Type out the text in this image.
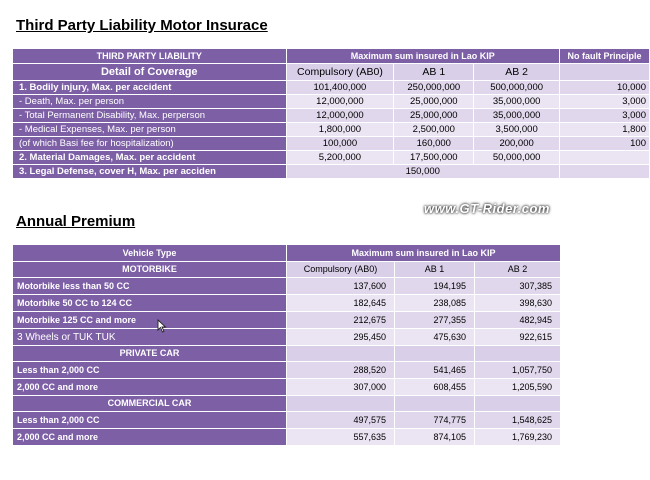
Third Party Liability Motor Insurace
THIRD PARTY LIABILITY	Maximum sum insured in Lao KIP			No fault Principle
Detail of Coverage	Compulsory (AB0)	AB 1	AB 2	
1. Bodily injury, Max. per accident	101,400,000	250,000,000	500,000,000	10,000
- Death, Max. per person	12,000,000	25,000,000	35,000,000	3,000
- Total Permanent Disability, Max. perperson	12,000,000	25,000,000	35,000,000	3,000
- Medical Expenses, Max. per person	1,800,000	2,500,000	3,500,000	1,800
(of which Basi fee for hospitalization)	100,000	160,000	200,000	100
2. Material Damages, Max. per accident	5,200,000	17,500,000	50,000,000	
3. Legal Defense, cover H, Max. per acciden	150,000			
www.GT-Rider.com
Annual Premium
Vehicle Type	Maximum sum insured in Lao KIP		
MOTORBIKE	Compulsory (AB0)	AB 1	AB 2
Motorbike less than 50 CC	137,600	194,195	307,385
Motorbike 50 CC to 124 CC	182,645	238,085	398,630
Motorbike 125 CC and more	212,675	277,355	482,945
3 Wheels or TUK TUK	295,450	475,630	922,615
PRIVATE CAR			
Less than 2,000 CC	288,520	541,465	1,057,750
2,000 CC and more	307,000	608,455	1,205,590
COMMERCIAL CAR			
Less than 2,000 CC	497,575	774,775	1,548,625
2,000 CC and more	557,635	874,105	1,769,230
